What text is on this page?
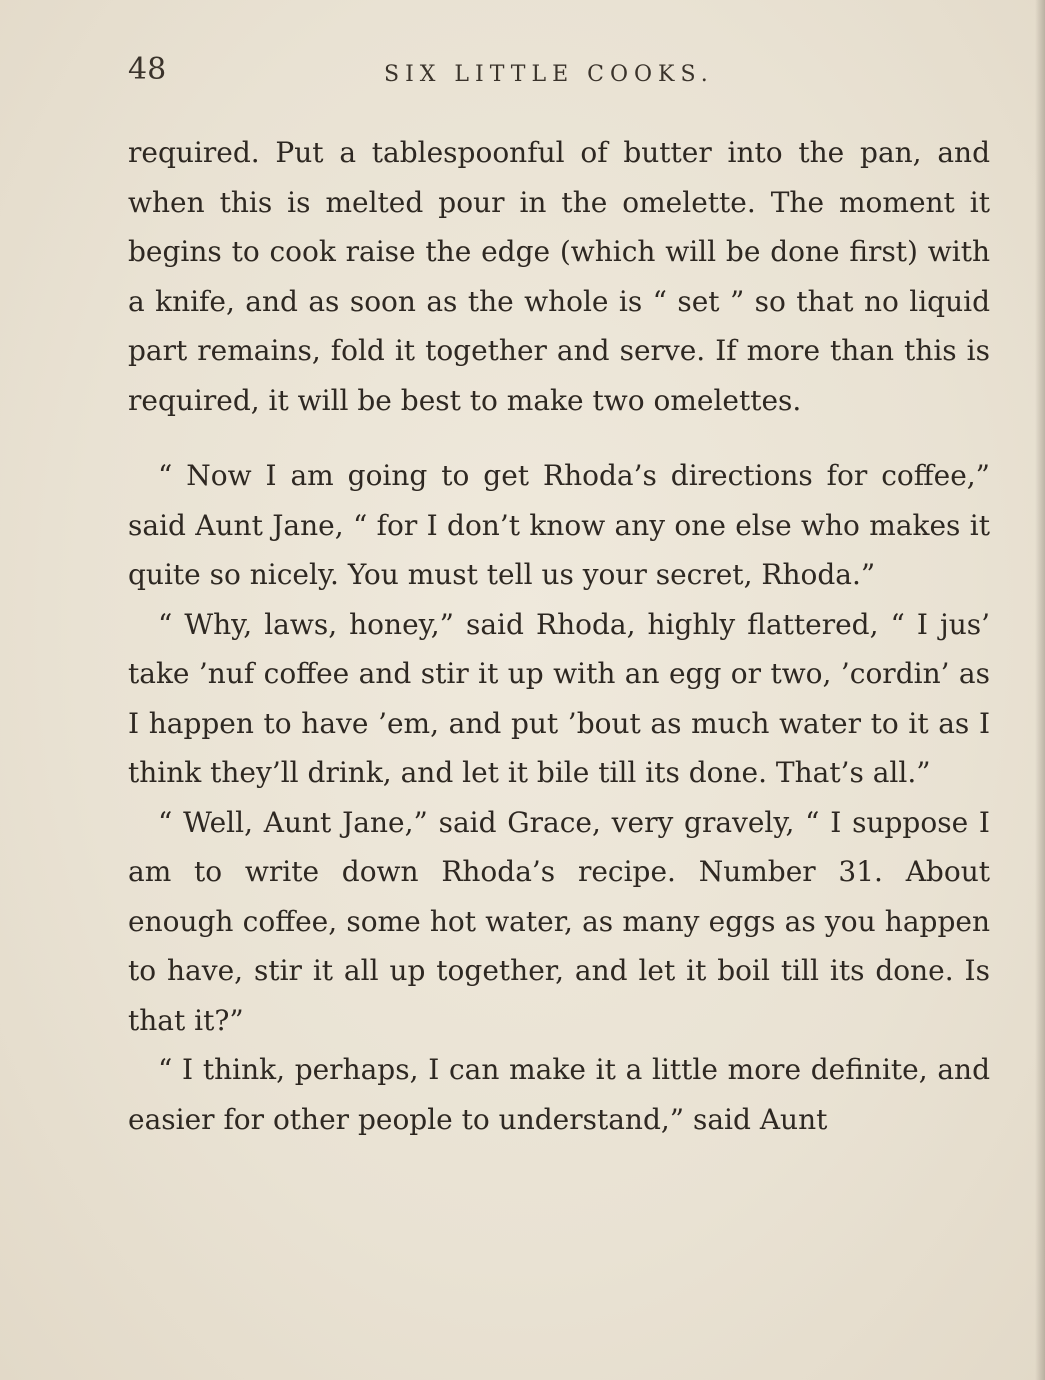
48	SIX LITTLE COOKS.

required. Put a tablespoonful of butter into the pan, and when this is melted pour in the omelette. The moment it begins to cook raise the edge (which will be done first) with a knife, and as soon as the whole is “ set ” so that no liquid part remains, fold it together and serve. If more than this is required, it will be best to make two omelettes.

“ Now I am going to get Rhoda’s directions for coffee,” said Aunt Jane, “ for I don’t know any one else who makes it quite so nicely. You must tell us your secret, Rhoda.”

“ Why, laws, honey,” said Rhoda, highly flattered, “ I jus’ take ’nuf coffee and stir it up with an egg or two, ’cordin’ as I happen to have ’em, and put ’bout as much water to it as I think they’ll drink, and let it bile till its done. That’s all.”

“ Well, Aunt Jane,” said Grace, very gravely, “ I suppose I am to write down Rhoda’s recipe. Number 31. About enough coffee, some hot water, as many eggs as you happen to have, stir it all up together, and let it boil till its done. Is that it?”

“ I think, perhaps, I can make it a little more definite, and easier for other people to understand,” said Aunt
